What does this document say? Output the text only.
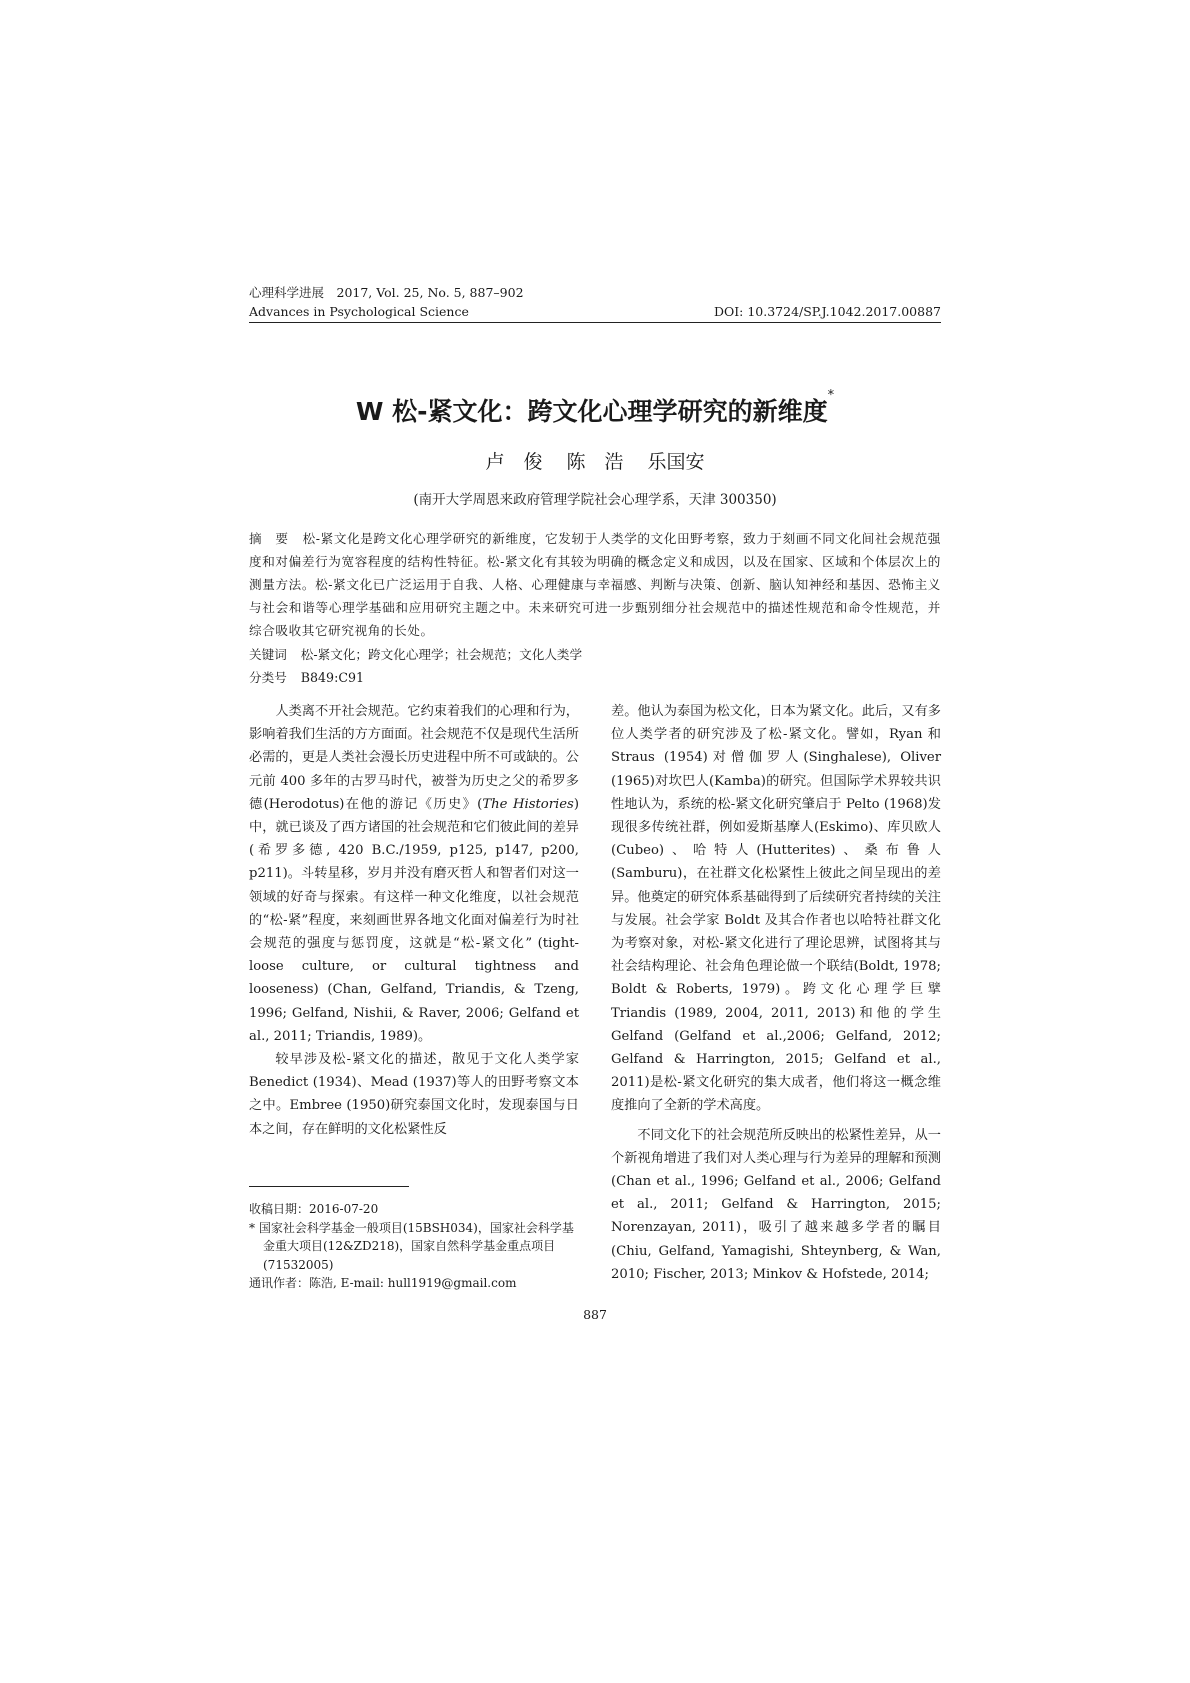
心理科学进展　2017, Vol. 25, No. 5, 887–902
Advances in Psychological Science	DOI: 10.3724/SP.J.1042.2017.00887
W 松-紧文化：跨文化心理学研究的新维度*
卢　俊 陈　浩 乐国安
(南开大学周恩来政府管理学院社会心理学系，天津 300350)
摘　要 松-紧文化是跨文化心理学研究的新维度，它发轫于人类学的文化田野考察，致力于刻画不同文化间社会规范强度和对偏差行为宽容程度的结构性特征。松-紧文化有其较为明确的概念定义和成因，以及在国家、区域和个体层次上的测量方法。松-紧文化已广泛运用于自我、人格、心理健康与幸福感、判断与决策、创新、脑认知神经和基因、恐怖主义与社会和谐等心理学基础和应用研究主题之中。未来研究可进一步甄别细分社会规范中的描述性规范和命令性规范，并综合吸收其它研究视角的长处。
关键词 松-紧文化；跨文化心理学；社会规范；文化人类学
分类号 B849:C91

人类离不开社会规范。它约束着我们的心理和行为，影响着我们生活的方方面面。社会规范不仅是现代生活所必需的，更是人类社会漫长历史进程中所不可或缺的。公元前 400 多年的古罗马时代，被誉为历史之父的希罗多德(Herodotus)在他的游记《历史》(The Histories)中，就已谈及了西方诸国的社会规范和它们彼此间的差异(希罗多德, 420 B.C./1959, p125, p147, p200, p211)。斗转星移，岁月并没有磨灭哲人和智者们对这一领域的好奇与探索。有这样一种文化维度，以社会规范的“松-紧”程度，来刻画世界各地文化面对偏差行为时社会规范的强度与惩罚度，这就是“松-紧文化” (tight-loose culture, or cultural tightness and looseness) (Chan, Gelfand, Triandis, & Tzeng, 1996; Gelfand, Nishii, & Raver, 2006; Gelfand et al., 2011; Triandis, 1989)。

较早涉及松-紧文化的描述，散见于文化人类学家 Benedict (1934)、Mead (1937)等人的田野考察文本之中。Embree (1950)研究泰国文化时，发现泰国与日本之间，存在鲜明的文化松紧性反

差。他认为泰国为松文化，日本为紧文化。此后，又有多位人类学者的研究涉及了松-紧文化。譬如，Ryan 和 Straus (1954)对僧伽罗人(Singhalese), Oliver (1965)对坎巴人(Kamba)的研究。但国际学术界较共识性地认为，系统的松-紧文化研究肇启于 Pelto (1968)发现很多传统社群，例如爱斯基摩人(Eskimo)、库贝欧人(Cubeo)、哈特人(Hutterites)、桑布鲁人(Samburu)，在社群文化松紧性上彼此之间呈现出的差异。他奠定的研究体系基础得到了后续研究者持续的关注与发展。社会学家 Boldt 及其合作者也以哈特社群文化为考察对象，对松-紧文化进行了理论思辨，试图将其与社会结构理论、社会角色理论做一个联结(Boldt, 1978; Boldt & Roberts, 1979)。跨文化心理学巨擘 Triandis (1989, 2004, 2011, 2013)和他的学生 Gelfand (Gelfand et al.,2006; Gelfand, 2012; Gelfand & Harrington, 2015; Gelfand et al., 2011)是松-紧文化研究的集大成者，他们将这一概念维度推向了全新的学术高度。

不同文化下的社会规范所反映出的松紧性差异，从一个新视角增进了我们对人类心理与行为差异的理解和预测(Chan et al., 1996; Gelfand et al., 2006; Gelfand et al., 2011; Gelfand & Harrington, 2015; Norenzayan, 2011)，吸引了越来越多学者的瞩目(Chiu, Gelfand, Yamagishi, Shteynberg, & Wan, 2010; Fischer, 2013; Minkov & Hofstede, 2014;

收稿日期：2016-07-20

* 国家社会科学基金一般项目(15BSH034)，国家社会科学基金重大项目(12&ZD218)，国家自然科学基金重点项目(71532005)

通讯作者：陈浩, E-mail: hull1919@gmail.com

887
